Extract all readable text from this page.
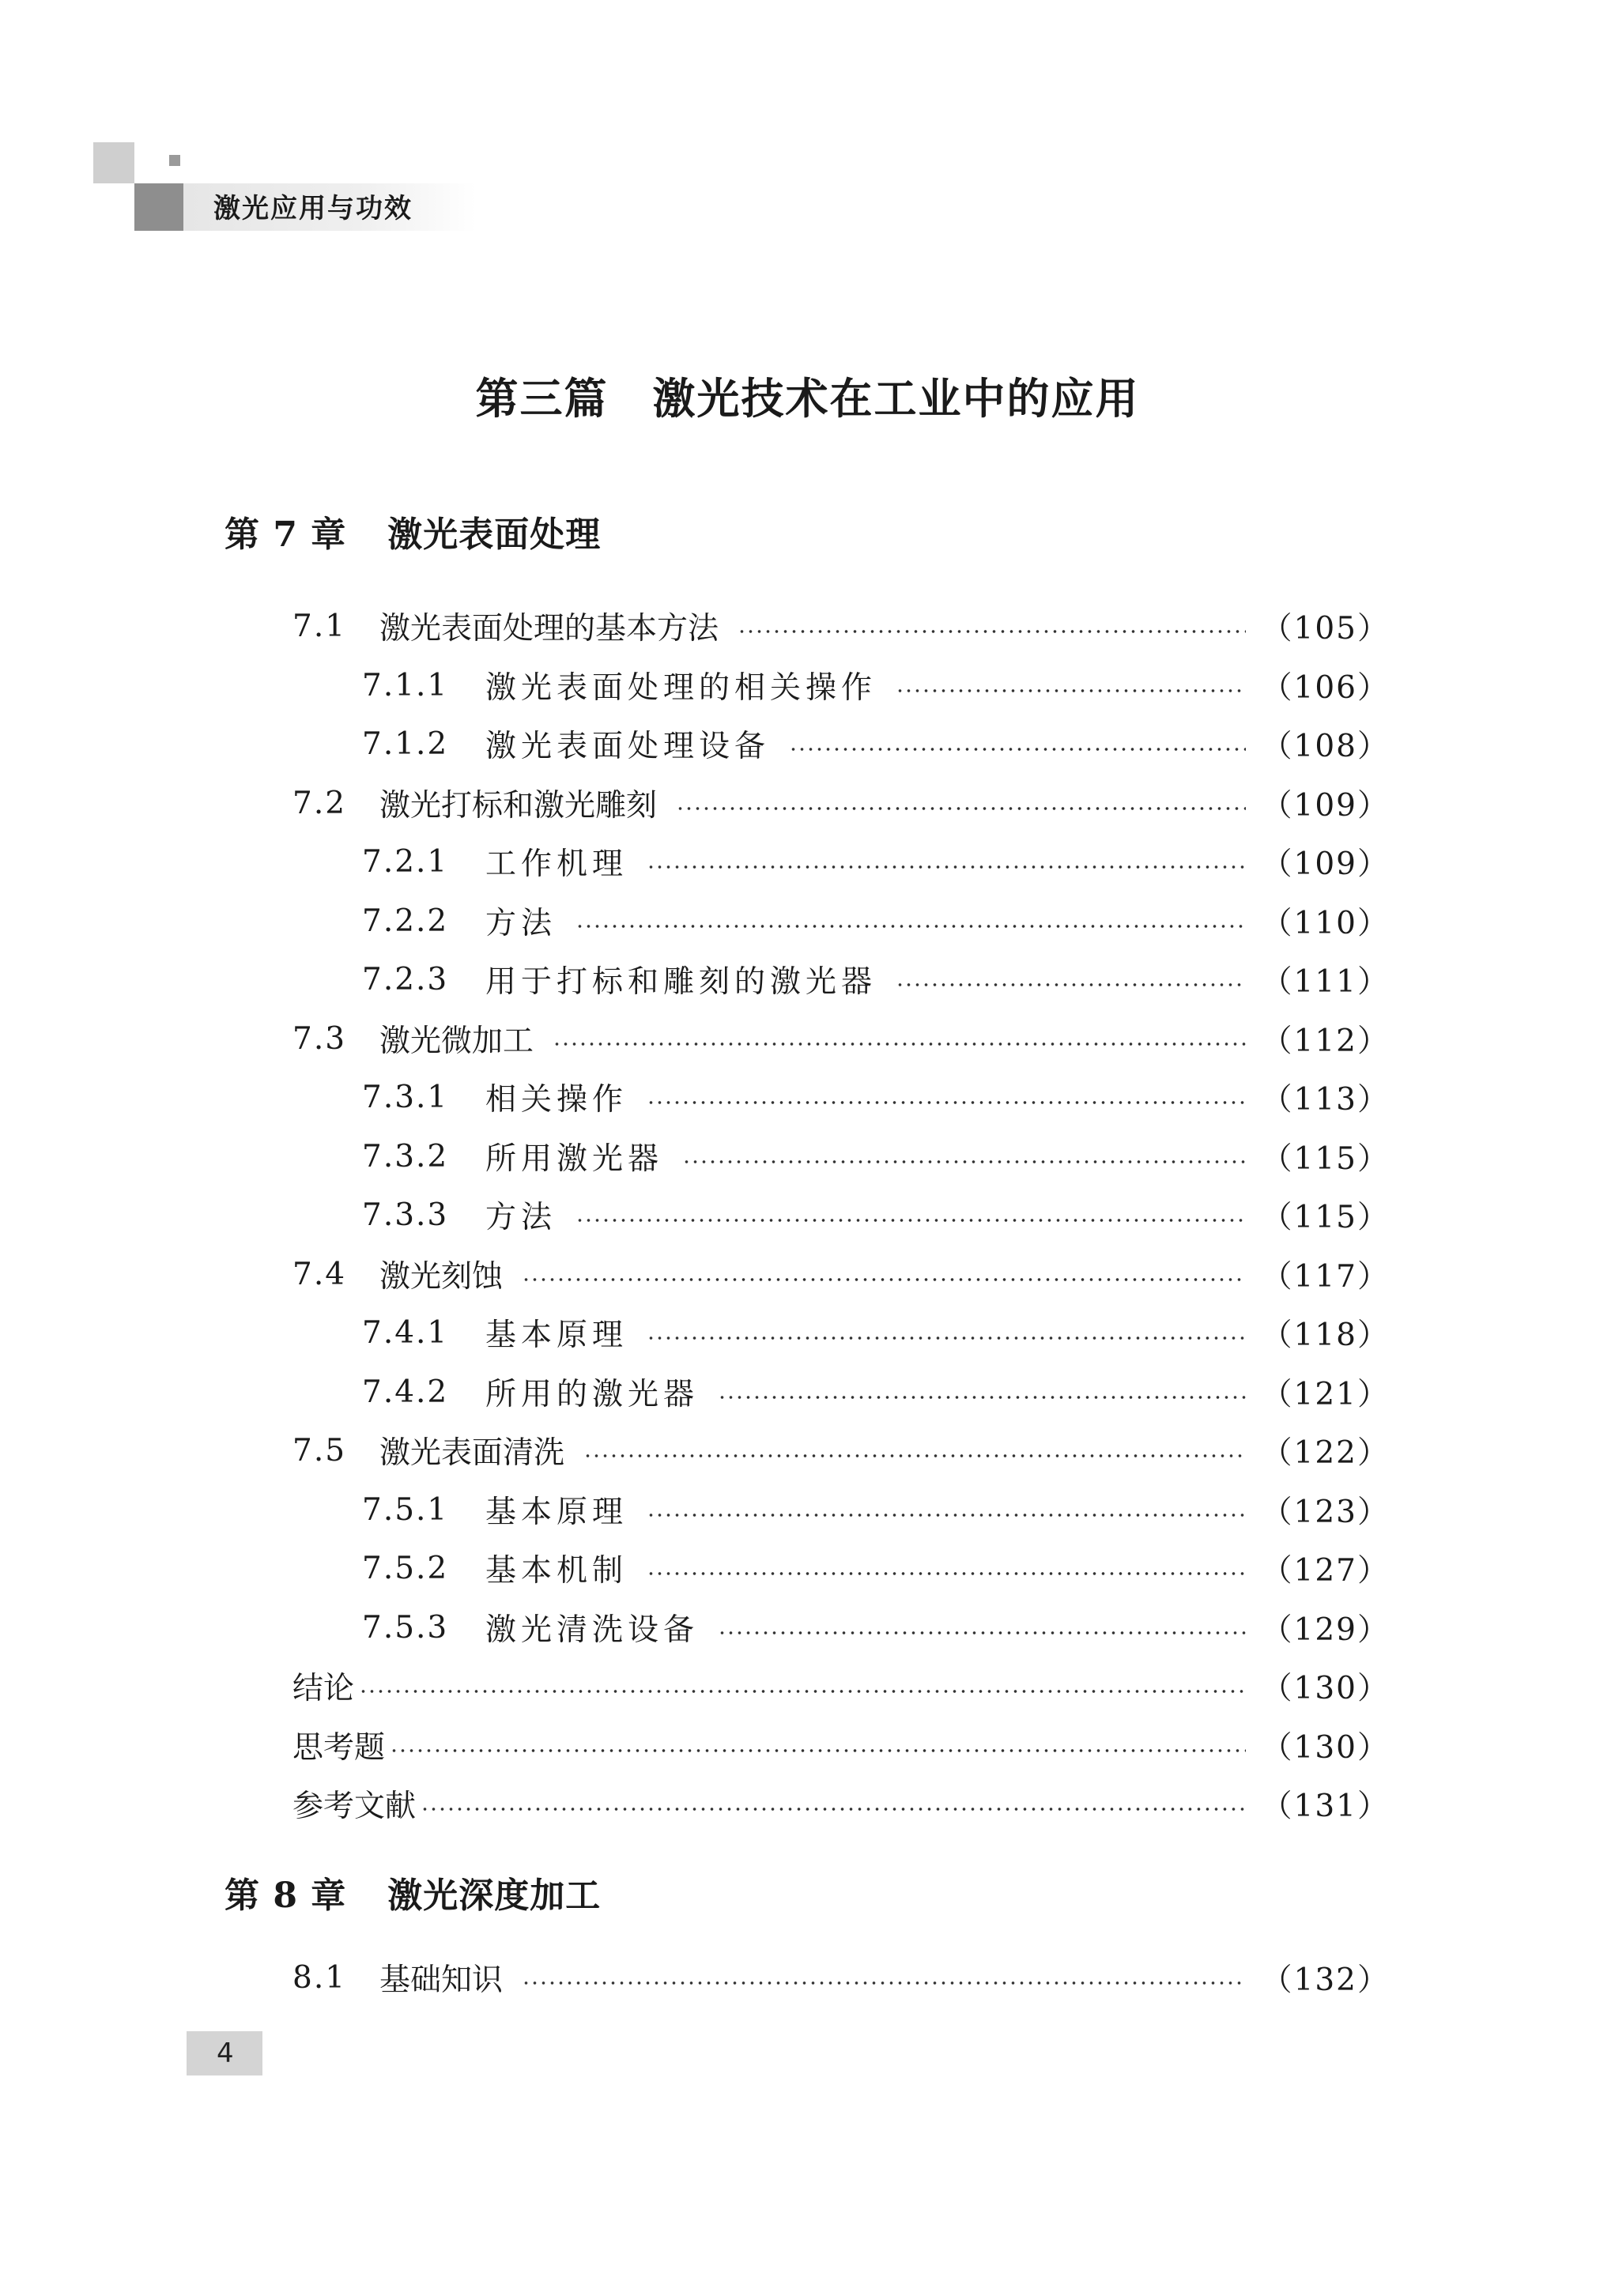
激光应用与功效
第三篇 激光技术在工业中的应用
第 7 章 激光表面处理
7.1	激光表面处理的基本方法	（105）
7.1.1	激光表面处理的相关操作	（106）
7.1.2	激光表面处理设备	（108）
7.2	激光打标和激光雕刻	（109）
7.2.1	工作机理	（109）
7.2.2	方法	（110）
7.2.3	用于打标和雕刻的激光器	（111）
7.3	激光微加工	（112）
7.3.1	相关操作	（113）
7.3.2	所用激光器	（115）
7.3.3	方法	（115）
7.4	激光刻蚀	（117）
7.4.1	基本原理	（118）
7.4.2	所用的激光器	（121）
7.5	激光表面清洗	（122）
7.5.1	基本原理	（123）
7.5.2	基本机制	（127）
7.5.3	激光清洗设备	（129）
结论	（130）
思考题	（130）
参考文献	（131）
第 8 章 激光深度加工
8.1	基础知识	（132）
4
